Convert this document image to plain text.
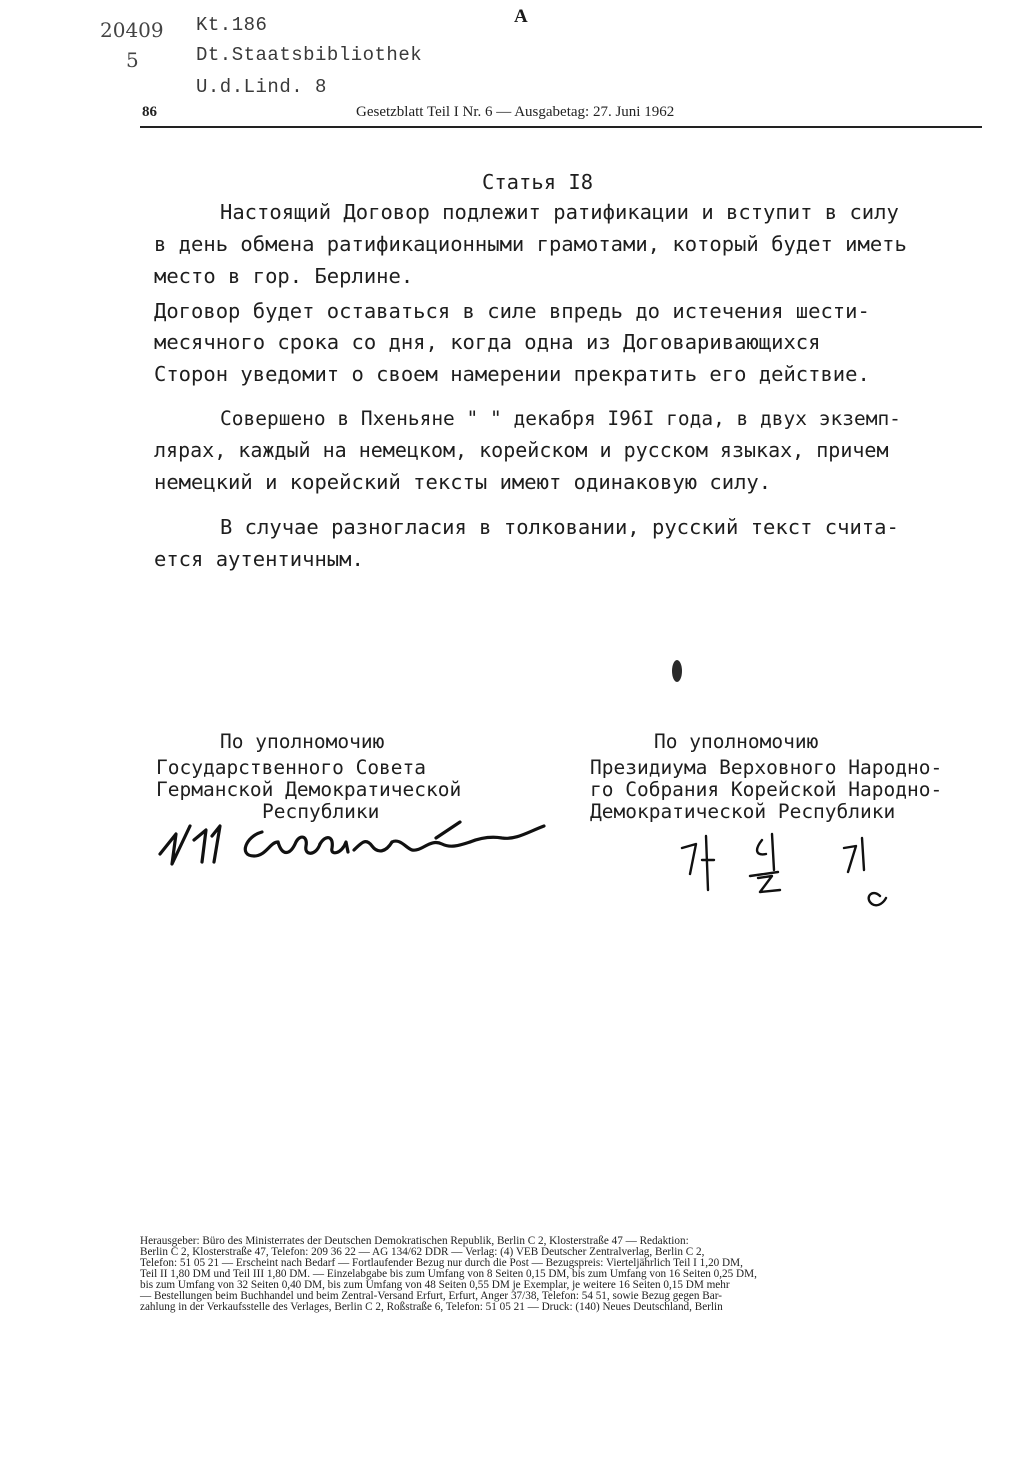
20409
5
Kt.186
Dt.Staatsbibliothek
U.d.Lind. 8
A
86	Gesetzblatt Teil I Nr. 6 — Ausgabetag: 27. Juni 1962
Статья I8
Настоящий Договор подлежит ратификации и вступит в силу
в день обмена ратификационными грамотами, который будет иметь
место в гор. Берлине.
Договор будет оставаться в силе впредь до истечения шести-
месячного срока со дня, когда одна из Договаривающихся
Сторон уведомит о своем намерении прекратить его действие.
Совершено в Пхеньяне " " декабря I96I года, в двух экземп-
лярах, каждый на немецком, корейском и русском языках, причем
немецкий и корейский тексты имеют одинаковую силу.
В случае разногласия в толковании, русский текст счита-
ется аутентичным.
По уполномочию
Государственного Совета
Германской Демократической
Республики
По уполномочию
Президиума Верховного Народно-
го Собрания Корейской Народно-
Демократической Республики
Herausgeber: Büro des Ministerrates der Deutschen Demokratischen Republik, Berlin C 2, Klosterstraße 47 — Redaktion:
Berlin C 2, Klosterstraße 47, Telefon: 209 36 22 — AG 134/62 DDR — Verlag: (4) VEB Deutscher Zentralverlag, Berlin C 2,
Telefon: 51 05 21 — Erscheint nach Bedarf — Fortlaufender Bezug nur durch die Post — Bezugspreis: Vierteljährlich Teil I 1,20 DM,
Teil II 1,80 DM und Teil III 1,80 DM. — Einzelabgabe bis zum Umfang von 8 Seiten 0,15 DM, bis zum Umfang von 16 Seiten 0,25 DM,
bis zum Umfang von 32 Seiten 0,40 DM, bis zum Umfang von 48 Seiten 0,55 DM je Exemplar, je weitere 16 Seiten 0,15 DM mehr
— Bestellungen beim Buchhandel und beim Zentral-Versand Erfurt, Erfurt, Anger 37/38, Telefon: 54 51, sowie Bezug gegen Bar-
zahlung in der Verkaufsstelle des Verlages, Berlin C 2, Roßstraße 6, Telefon: 51 05 21 — Druck: (140) Neues Deutschland, Berlin
